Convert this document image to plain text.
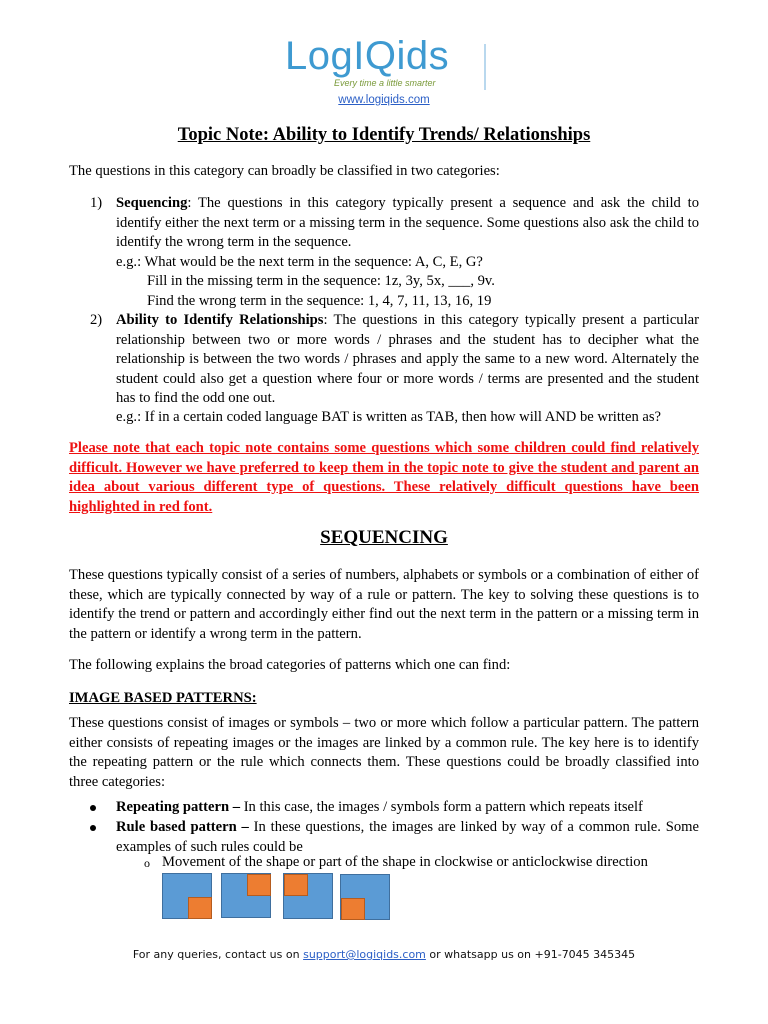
LogIQids
Every time a little smarter
www.logiqids.com
Topic Note: Ability to Identify Trends/ Relationships
The questions in this category can broadly be classified in two categories:
1) Sequencing: The questions in this category typically present a sequence and ask the child to identify either the next term or a missing term in the sequence. Some questions also ask the child to identify the wrong term in the sequence.
e.g.: What would be the next term in the sequence: A, C, E, G?
Fill in the missing term in the sequence: 1z, 3y, 5x, ___, 9v.
Find the wrong term in the sequence: 1, 4, 7, 11, 13, 16, 19
2) Ability to Identify Relationships: The questions in this category typically present a particular relationship between two or more words / phrases and the student has to decipher what the relationship is between the two words / phrases and apply the same to a new word. Alternately the student could also get a question where four or more words / terms are presented and the student has to find the odd one out.
e.g.: If in a certain coded language BAT is written as TAB, then how will AND be written as?
Please note that each topic note contains some questions which some children could find relatively difficult. However we have preferred to keep them in the topic note to give the student and parent an idea about various different type of questions. These relatively difficult questions have been highlighted in red font.
SEQUENCING
These questions typically consist of a series of numbers, alphabets or symbols or a combination of either of these, which are typically connected by way of a rule or pattern. The key to solving these questions is to identify the trend or pattern and accordingly either find out the next term in the pattern or a missing term in the pattern or identify a wrong term in the pattern.
The following explains the broad categories of patterns which one can find:
IMAGE BASED PATTERNS:
These questions consist of images or symbols – two or more which follow a particular pattern. The pattern either consists of repeating images or the images are linked by a common rule. The key here is to identify the repeating pattern or the rule which connects them. These questions could be broadly classified into three categories:
Repeating pattern – In this case, the images / symbols form a pattern which repeats itself
Rule based pattern – In these questions, the images are linked by way of a common rule. Some examples of such rules could be
o Movement of the shape or part of the shape in clockwise or anticlockwise direction
For any queries, contact us on support@logiqids.com or whatsapp us on +91-7045 345345
